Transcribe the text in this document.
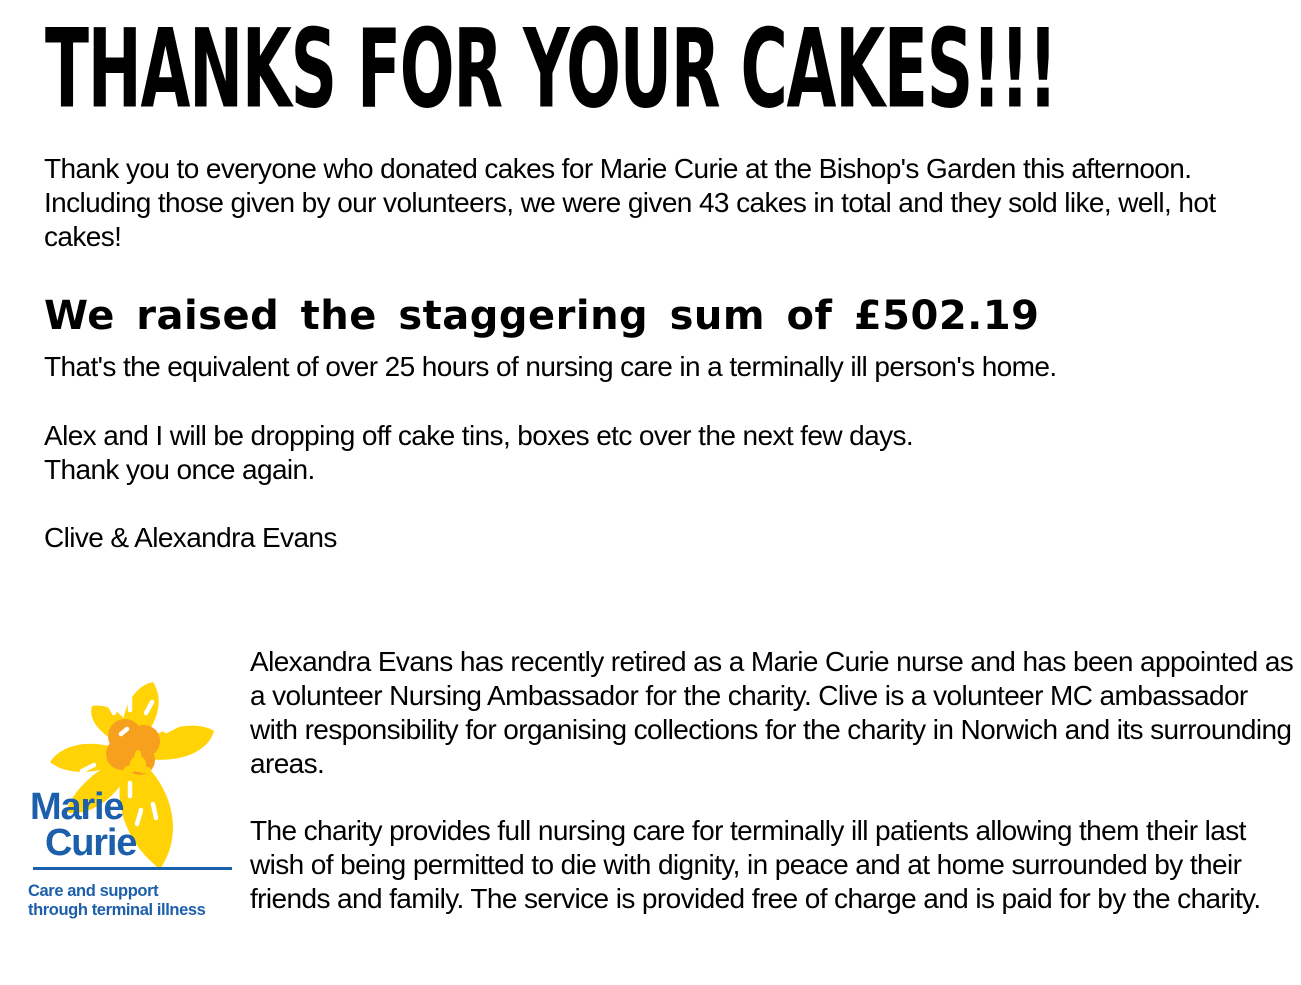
THANKS FOR YOUR CAKES!!!

Thank you to everyone who donated cakes for Marie Curie at the Bishop's Garden this afternoon. Including those given by our volunteers, we were given 43 cakes in total and they sold like, well, hot cakes!

We raised the staggering sum of £502.19

That's the equivalent of over 25 hours of nursing care in a terminally ill person's home.

Alex and I will be dropping off cake tins, boxes etc over the next few days.
Thank you once again.

Clive & Alexandra Evans

Marie
Curie
Care and support
through terminal illness

Alexandra Evans has recently retired as a Marie Curie nurse and has been appointed as a volunteer Nursing Ambassador for the charity. Clive is a volunteer MC ambassador with responsibility for organising collections for the charity in Norwich and its surrounding areas.

The charity provides full nursing care for terminally ill patients allowing them their last wish of being permitted to die with dignity, in peace and at home surrounded by their friends and family. The service is provided free of charge and is paid for by the charity.
